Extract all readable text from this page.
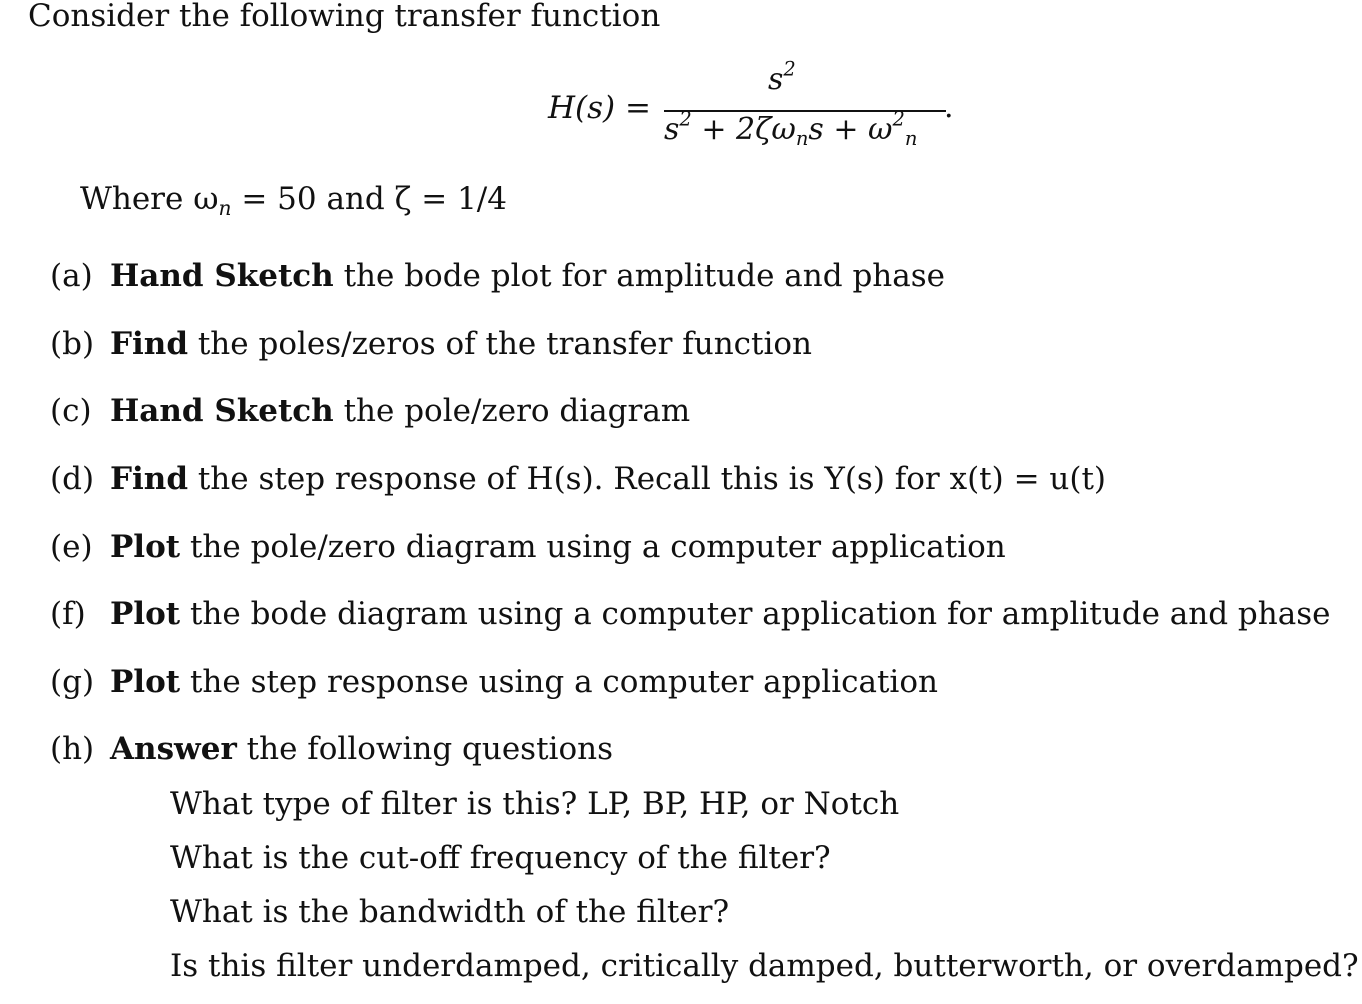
Consider the following transfer function
H(s) =
$s^2$
$s^2 + 2\zeta\omega_ns + \omega^2_n$
.
Where $\omega_n = 50$ and ζ = 1/4
(a) Hand Sketch the bode plot for amplitude and phase
(b) Find the poles/zeros of the transfer function
(c) Hand Sketch the pole/zero diagram
(d) Find the step response of H(s). Recall this is Y(s) for x(t) = u(t)
(e) Plot the pole/zero diagram using a computer application
(f) Plot the bode diagram using a computer application for amplitude and phase
(g) Plot the step response using a computer application
(h) Answer the following questions
What type of filter is this? LP, BP, HP, or Notch
What is the cut-off frequency of the filter?
What is the bandwidth of the filter?
Is this filter underdamped, critically damped, butterworth, or overdamped?
